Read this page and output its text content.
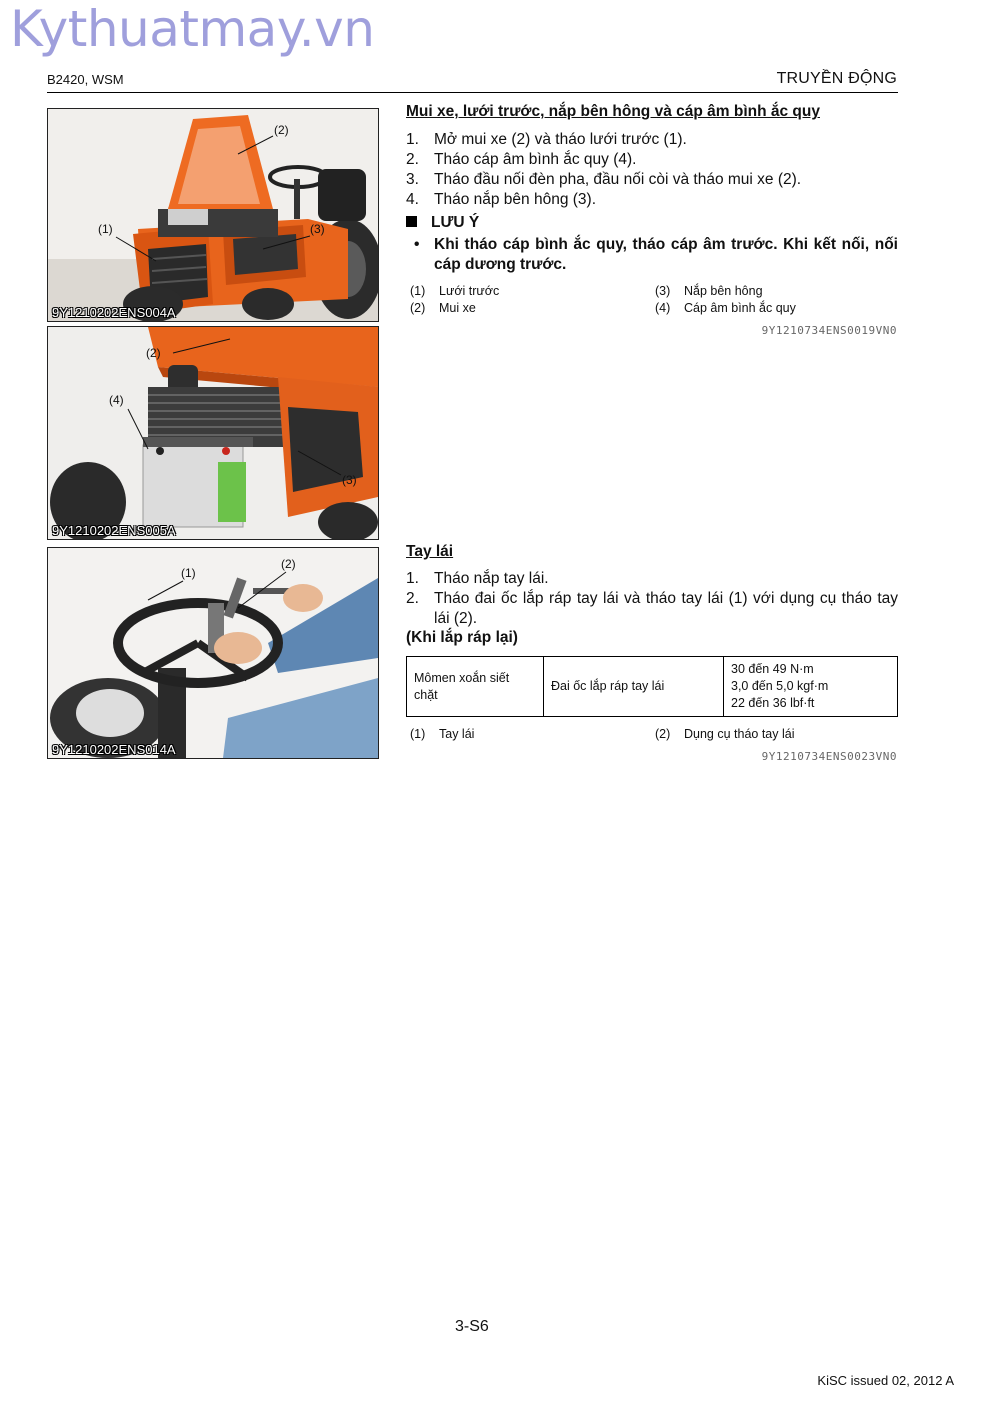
Kythuatmay.vn
B2420, WSM	TRUYỀN ĐỘNG
(2)
(1)	(3)
9Y1210202ENS004A
(2)
(4)
(3)
9Y1210202ENS005A
(1)
(2)
9Y1210202ENS014A
Mui xe, lưới trước, nắp bên hông và cáp âm bình ắc quy
1. Mở mui xe (2) và tháo lưới trước (1).
2. Tháo cáp âm bình ắc quy (4).
3. Tháo đầu nối đèn pha, đầu nối còi và tháo mui xe (2).
4. Tháo nắp bên hông (3).
LƯU Ý
• Khi tháo cáp bình ắc quy, tháo cáp âm trước. Khi kết nối, nối cáp dương trước.
(1) Lưới trước	(3) Nắp bên hông
(2) Mui xe	(4) Cáp âm bình ắc quy
9Y1210734ENS0019VN0
Tay lái
1. Tháo nắp tay lái.
2. Tháo đai ốc lắp ráp tay lái và tháo tay lái (1) với dụng cụ tháo tay lái (2).
(Khi lắp ráp lại)
Mômen xoắn siết chặt	Đai ốc lắp ráp tay lái	
30 đến 49 N·m
3,0 đến 5,0 kgf·m
22 đến 36 lbf·ft
(1) Tay lái	(2) Dụng cụ tháo tay lái
9Y1210734ENS0023VN0
3-S6
KiSC issued 02, 2012 A
